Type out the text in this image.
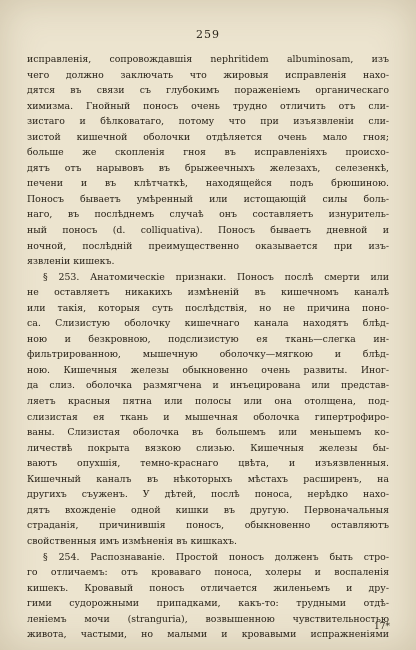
259
исправленія, сопровождавшія nephritidem albuminosam, изъ
чего должно заключать что жировыя исправленія нахо-
дятся въ связи съ глубокимъ пораженіемъ органическаго
химизма. Гнойный поносъ очень трудно отличить отъ сли-
зистаго и бѣлковатаго, потому что при изъязвленіи сли-
зистой кишечной оболочки отдѣляется очень мало гноя;
больше же скопленія гноя въ исправленіяхъ происхо-
дятъ отъ нарывовъ въ брыжеечныхъ железахъ, селезенкѣ,
печени и въ клѣтчаткѣ, находящейся подъ брюшиною.
Поносъ бываетъ умѣренный или истощающій силы боль-
наго, въ послѣднемъ случаѣ онъ составляетъ изнуритель-
ный поносъ (d. colliquativa). Поносъ бываетъ дневной и
ночной, послѣдній преимущественно оказывается при изъ-
язвленіи кишекъ.
§ 253. Анатомическіе признаки. Поносъ послѣ смерти или
не оставляетъ никакихъ измѣненій въ кишечномъ каналѣ
или такія, которыя суть послѣдствія, но не причина поно-
са. Слизистую оболочку кишечнаго канала находятъ блѣд-
ною и безкровною, подслизистую ея ткань—слегка ин-
фильтрированною, мышечную оболочку—мягкою и блѣд-
ною. Кишечныя железы обыкновенно очень развиты. Иног-
да слиз. оболочка размягчена и инъецирована или представ-
ляетъ красныя пятна или полосы или она отолщена, под-
слизистая ея ткань и мышечная оболочка гипертрофиро-
ваны. Слизистая оболочка въ большемъ или меньшемъ ко-
личествѣ покрыта вязкою слизью. Кишечныя железы бы-
ваютъ опухшія, темно-краснаго цвѣта, и изъязвленныя.
Кишечный каналъ въ нѣкоторыхъ мѣстахъ расширенъ, на
другихъ съуженъ. У дѣтей, послѣ поноса, нерѣдко нахо-
дятъ вхожденіе одной кишки въ другую. Первоначальныя
страданія, причинившія поносъ, обыкновенно оставляютъ
свойственныя имъ измѣненія въ кишкахъ.
§ 254. Распознаваніе. Простой поносъ долженъ быть стро-
го отличаемъ: отъ кроваваго поноса, холеры и воспаленія
кишекъ. Кровавый поносъ отличается жиленьемъ и дру-
гими судорожными припадками, какъ-то: трудными отдѣ-
леніемъ мочи (stranguria), возвышенною чувствительностью
живота, частыми, но малыми и кровавыми испражненіями
17*
